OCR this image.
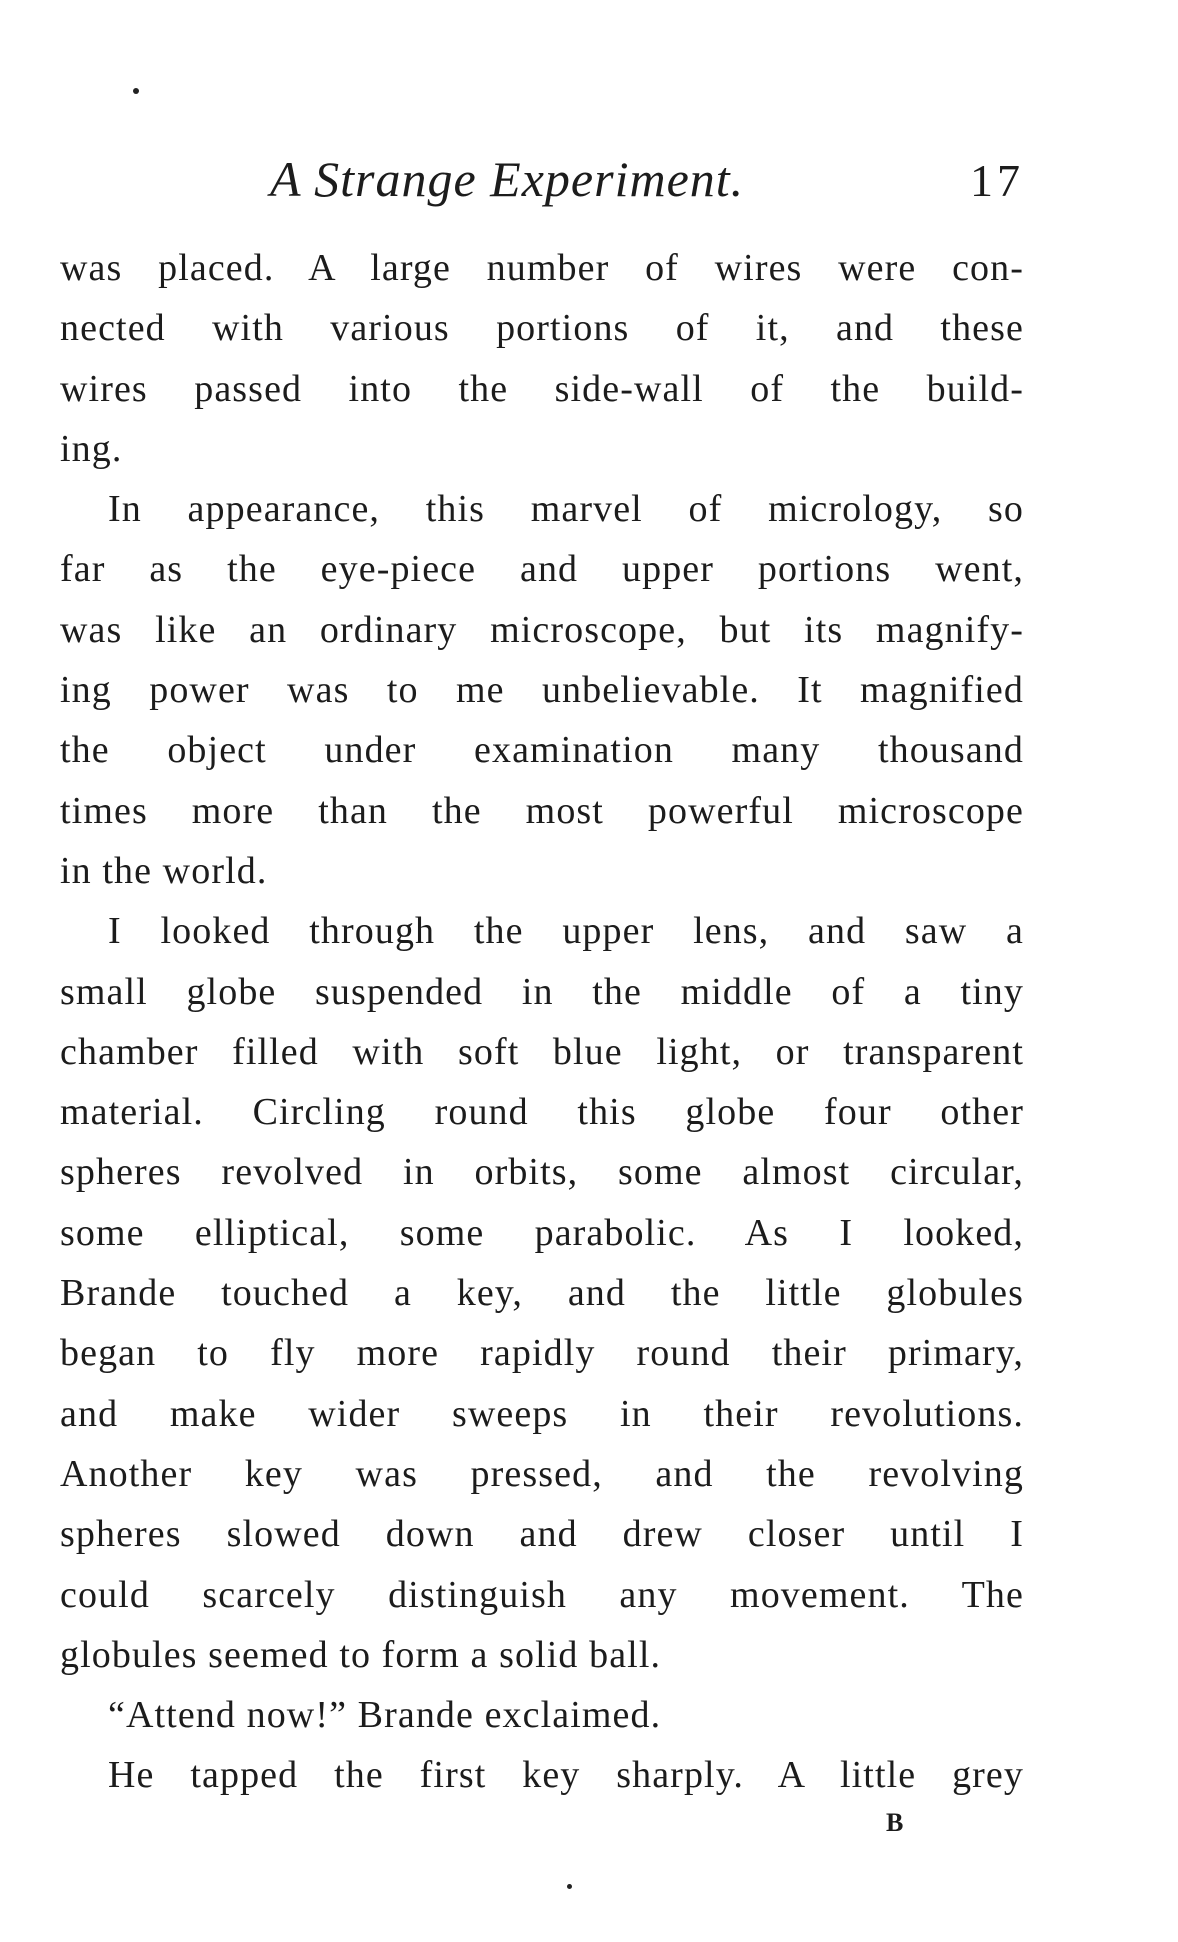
A Strange Experiment.	17
was placed. A large number of wires were con-
nected with various portions of it, and these
wires passed into the side-wall of the build-
ing.
In appearance, this marvel of micrology, so
far as the eye-piece and upper portions went,
was like an ordinary microscope, but its magnify-
ing power was to me unbelievable. It magnified
the object under examination many thousand
times more than the most powerful microscope
in the world.
I looked through the upper lens, and saw a
small globe suspended in the middle of a tiny
chamber filled with soft blue light, or transparent
material. Circling round this globe four other
spheres revolved in orbits, some almost circular,
some elliptical, some parabolic. As I looked,
Brande touched a key, and the little globules
began to fly more rapidly round their primary,
and make wider sweeps in their revolutions.
Another key was pressed, and the revolving
spheres slowed down and drew closer until I
could scarcely distinguish any movement. The
globules seemed to form a solid ball.
“Attend now!” Brande exclaimed.
He tapped the first key sharply. A little grey
B
